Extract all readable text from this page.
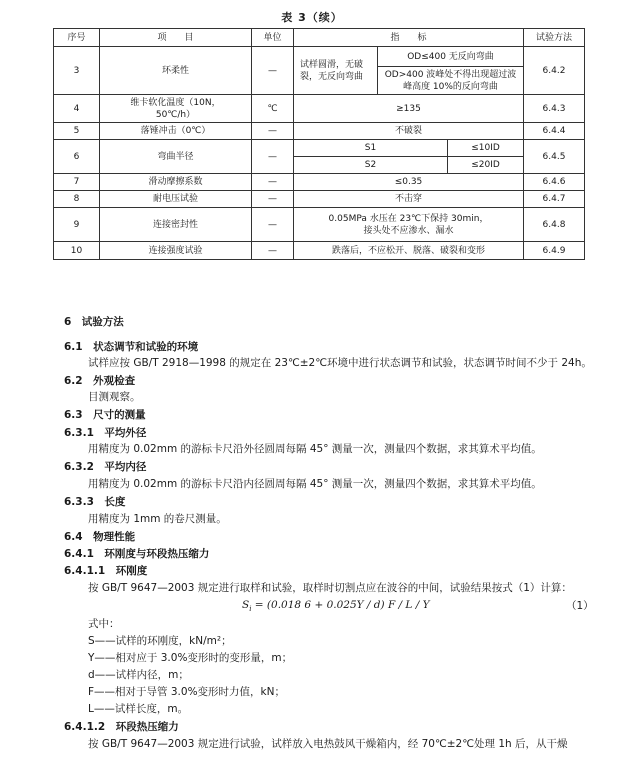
表 3（续）
序号	项　　目	单位	指　　标			试验方法
3	环柔性	—	试样圆滑，无破裂，无反向弯曲	OD≤400 无反向弯曲		6.4.2
				OD>400 波峰处不得出现超过波峰高度 10%的反向弯曲		
4	维卡软化温度（10N，50℃/h）	℃	≥135			6.4.3
5	落锤冲击（0℃）	—	不破裂			6.4.4
6	弯曲半径	—	S1		≤10ID	6.4.5
			S2		≤20ID	
7	滑动摩擦系数	—	≤0.35			6.4.6
8	耐电压试验	—	不击穿			6.4.7
9	连接密封性	—	0.05MPa 水压在 23℃下保持 30min，接头处不应渗水、漏水			6.4.8
10	连接强度试验	—	跌落后，不应松开、脱落、破裂和变形			6.4.9
6　试验方法
6.1　状态调节和试验的环境
试样应按 GB/T 2918—1998 的规定在 23℃±2℃环境中进行状态调节和试验，状态调节时间不少于 24h。
6.2　外观检查
目测观察。
6.3　尺寸的测量
6.3.1　平均外径
用精度为 0.02mm 的游标卡尺沿外径圆周每隔 45° 测量一次，测量四个数据，求其算术平均值。
6.3.2　平均内径
用精度为 0.02mm 的游标卡尺沿内径圆周每隔 45° 测量一次，测量四个数据，求其算术平均值。
6.3.3　长度
用精度为 1mm 的卷尺测量。
6.4　物理性能
6.4.1　环刚度与环段热压缩力
6.4.1.1　环刚度
按 GB/T 9647—2003 规定进行取样和试验，取样时切割点应在波谷的中间，试验结果按式（1）计算：
$S_i = (0.018$ 6 + 0.025Y / d) F / L / Y	（1）
式中：
S——试样的环刚度，kN/m²；
Y——相对应于 3.0%变形时的变形量，m；
d——试样内径，m；
F——相对于导管 3.0%变形时力值，kN；
L——试样长度，m。
6.4.1.2　环段热压缩力
按 GB/T 9647—2003 规定进行试验，试样放入电热鼓风干燥箱内，经 70℃±2℃处理 1h 后，从干燥
